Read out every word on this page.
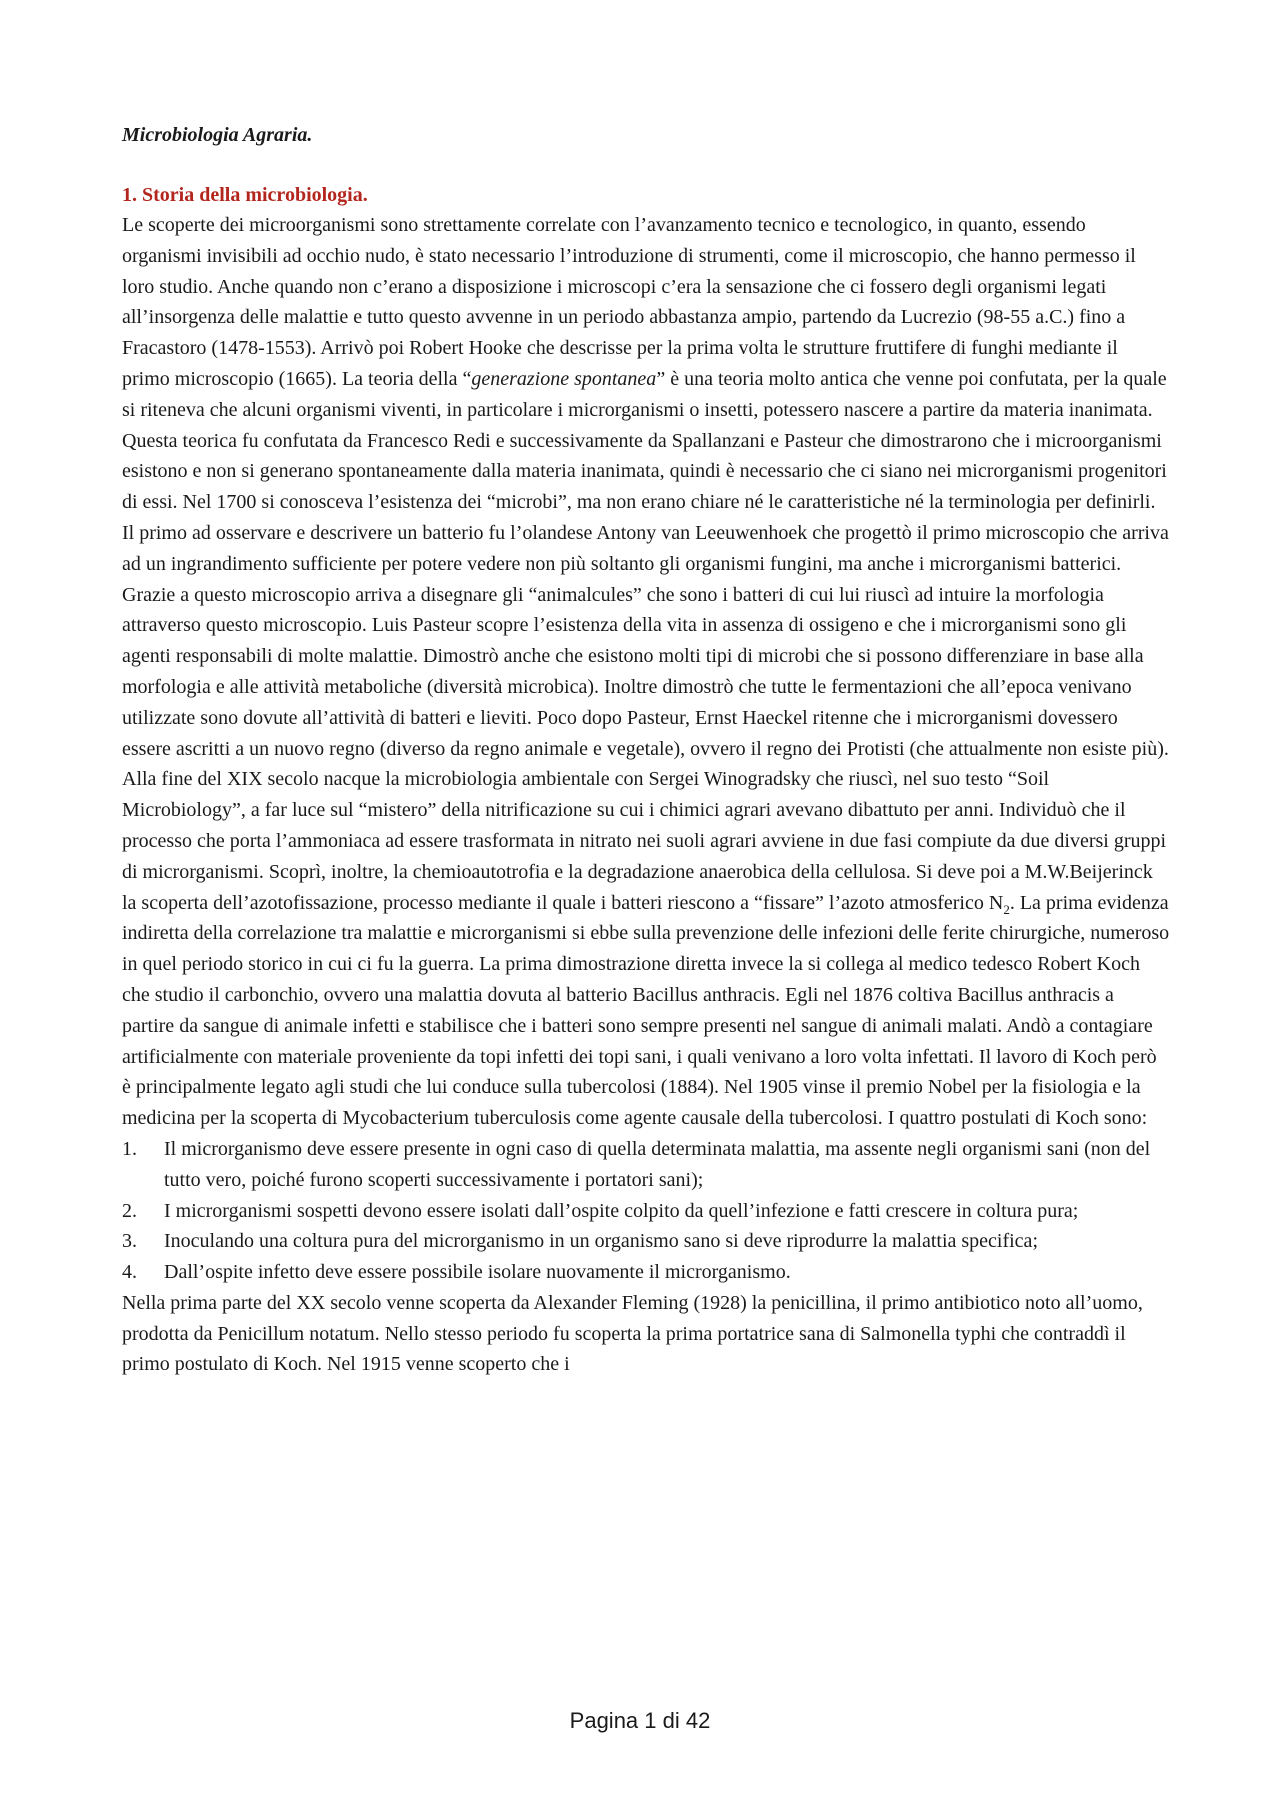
Microbiologia Agraria.

1. Storia della microbiologia.

Le scoperte dei microorganismi sono strettamente correlate con l’avanzamento tecnico e tecnologico, in quanto, essendo organismi invisibili ad occhio nudo, è stato necessario l’introduzione di strumenti, come il microscopio, che hanno permesso il loro studio. Anche quando non c’erano a disposizione i microscopi c’era la sensazione che ci fossero degli organismi legati all’insorgenza delle malattie e tutto questo avvenne in un periodo abbastanza ampio, partendo da Lucrezio (98-55 a.C.) fino a Fracastoro (1478-1553). Arrivò poi Robert Hooke che descrisse per la prima volta le strutture fruttifere di funghi mediante il primo microscopio (1665). La teoria della “generazione spontanea” è una teoria molto antica che venne poi confutata, per la quale si riteneva che alcuni organismi viventi, in particolare i microrganismi o insetti, potessero nascere a partire da materia inanimata. Questa teorica fu confutata da Francesco Redi e successivamente da Spallanzani e Pasteur che dimostrarono che i microorganismi esistono e non si generano spontaneamente dalla materia inanimata, quindi è necessario che ci siano nei microrganismi progenitori di essi. Nel 1700 si conosceva l’esistenza dei “microbi”, ma non erano chiare né le caratteristiche né la terminologia per definirli. Il primo ad osservare e descrivere un batterio fu l’olandese Antony van Leeuwenhoek che progettò il primo microscopio che arriva ad un ingrandimento sufficiente per potere vedere non più soltanto gli organismi fungini, ma anche i microrganismi batterici. Grazie a questo microscopio arriva a disegnare gli “animalcules” che sono i batteri di cui lui riuscì ad intuire la morfologia attraverso questo microscopio. Luis Pasteur scopre l’esistenza della vita in assenza di ossigeno e che i microrganismi sono gli agenti responsabili di molte malattie. Dimostrò anche che esistono molti tipi di microbi che si possono differenziare in base alla morfologia e alle attività metaboliche (diversità microbica). Inoltre dimostrò che tutte le fermentazioni che all’epoca venivano utilizzate sono dovute all’attività di batteri e lieviti. Poco dopo Pasteur, Ernst Haeckel ritenne che i microrganismi dovessero essere ascritti a un nuovo regno (diverso da regno animale e vegetale), ovvero il regno dei Protisti (che attualmente non esiste più). Alla fine del XIX secolo nacque la microbiologia ambientale con Sergei Winogradsky che riuscì, nel suo testo “Soil Microbiology”, a far luce sul “mistero” della nitrificazione su cui i chimici agrari avevano dibattuto per anni. Individuò che il processo che porta l’ammoniaca ad essere trasformata in nitrato nei suoli agrari avviene in due fasi compiute da due diversi gruppi di microrganismi. Scoprì, inoltre, la chemioautotrofia e la degradazione anaerobica della cellulosa. Si deve poi a M.W.Beijerinck la scoperta dell’azotofissazione, processo mediante il quale i batteri riescono a “fissare” l’azoto atmosferico $N_2$. La prima evidenza indiretta della correlazione tra malattie e microrganismi si ebbe sulla prevenzione delle infezioni delle ferite chirurgiche, numeroso in quel periodo storico in cui ci fu la guerra. La prima dimostrazione diretta invece la si collega al medico tedesco Robert Koch che studio il carbonchio, ovvero una malattia dovuta al batterio Bacillus anthracis. Egli nel 1876 coltiva Bacillus anthracis a partire da sangue di animale infetti e stabilisce che i batteri sono sempre presenti nel sangue di animali malati. Andò a contagiare artificialmente con materiale proveniente da topi infetti dei topi sani, i quali venivano a loro volta infettati. Il lavoro di Koch però è principalmente legato agli studi che lui conduce sulla tubercolosi (1884). Nel 1905 vinse il premio Nobel per la fisiologia e la medicina per la scoperta di Mycobacterium tuberculosis come agente causale della tubercolosi. I quattro postulati di Koch sono:

1. Il microrganismo deve essere presente in ogni caso di quella determinata malattia, ma assente negli organismi sani (non del tutto vero, poiché furono scoperti successivamente i portatori sani);
2. I microrganismi sospetti devono essere isolati dall’ospite colpito da quell’infezione e fatti crescere in coltura pura;
3. Inoculando una coltura pura del microrganismo in un organismo sano si deve riprodurre la malattia specifica;
4. Dall’ospite infetto deve essere possibile isolare nuovamente il microrganismo.

Nella prima parte del XX secolo venne scoperta da Alexander Fleming (1928) la penicillina, il primo antibiotico noto all’uomo, prodotta da Penicillum notatum. Nello stesso periodo fu scoperta la prima portatrice sana di Salmonella typhi che contraddì il primo postulato di Koch. Nel 1915 venne scoperto che i

Pagina 1 di 42
